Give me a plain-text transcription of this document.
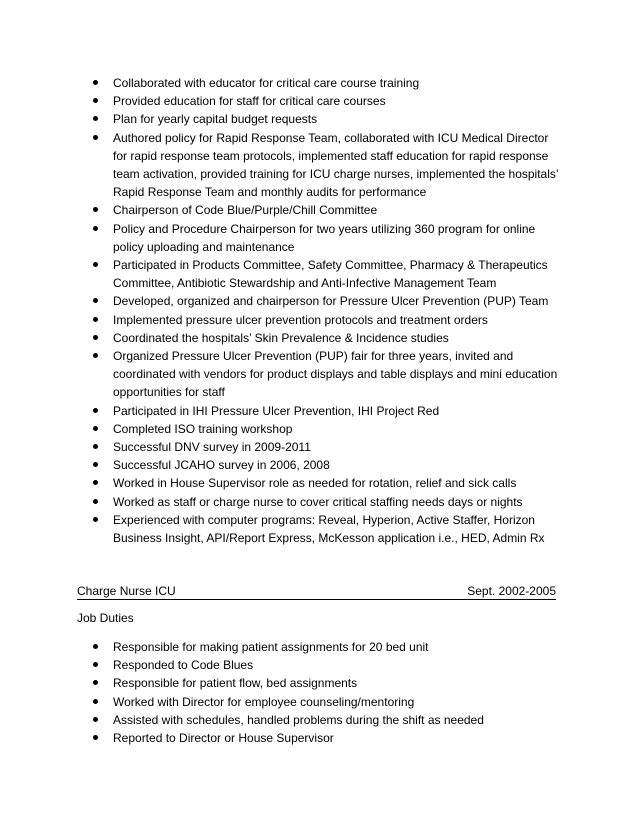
Collaborated with educator for critical care course training
Provided education for staff for critical care courses
Plan for yearly capital budget requests
Authored policy for Rapid Response Team, collaborated with ICU Medical Director for rapid response team protocols, implemented staff education for rapid response team activation, provided training for ICU charge nurses, implemented the hospitals’ Rapid Response Team and monthly audits for performance
Chairperson of Code Blue/Purple/Chill Committee
Policy and Procedure Chairperson for two years utilizing 360 program for online policy uploading and maintenance
Participated in Products Committee, Safety Committee, Pharmacy & Therapeutics Committee, Antibiotic Stewardship and Anti-Infective Management Team
Developed, organized and chairperson for Pressure Ulcer Prevention (PUP) Team
Implemented pressure ulcer prevention protocols and treatment orders
Coordinated the hospitals’ Skin Prevalence & Incidence studies
Organized Pressure Ulcer Prevention (PUP) fair for three years, invited and coordinated with vendors for product displays and table displays and mini education opportunities for staff
Participated in IHI Pressure Ulcer Prevention, IHI Project Red
Completed ISO training workshop
Successful DNV survey in 2009-2011
Successful JCAHO survey in 2006, 2008
Worked in House Supervisor role as needed for rotation, relief and sick calls
Worked as staff or charge nurse to cover critical staffing needs days or nights
Experienced with computer programs: Reveal, Hyperion, Active Staffer, Horizon Business Insight, API/Report Express, McKesson application i.e., HED, Admin Rx
Charge Nurse ICU	Sept. 2002-2005
Job Duties
Responsible for making patient assignments for 20 bed unit
Responded to Code Blues
Responsible for patient flow, bed assignments
Worked with Director for employee counseling/mentoring
Assisted with schedules, handled problems during the shift as needed
Reported to Director or House Supervisor
